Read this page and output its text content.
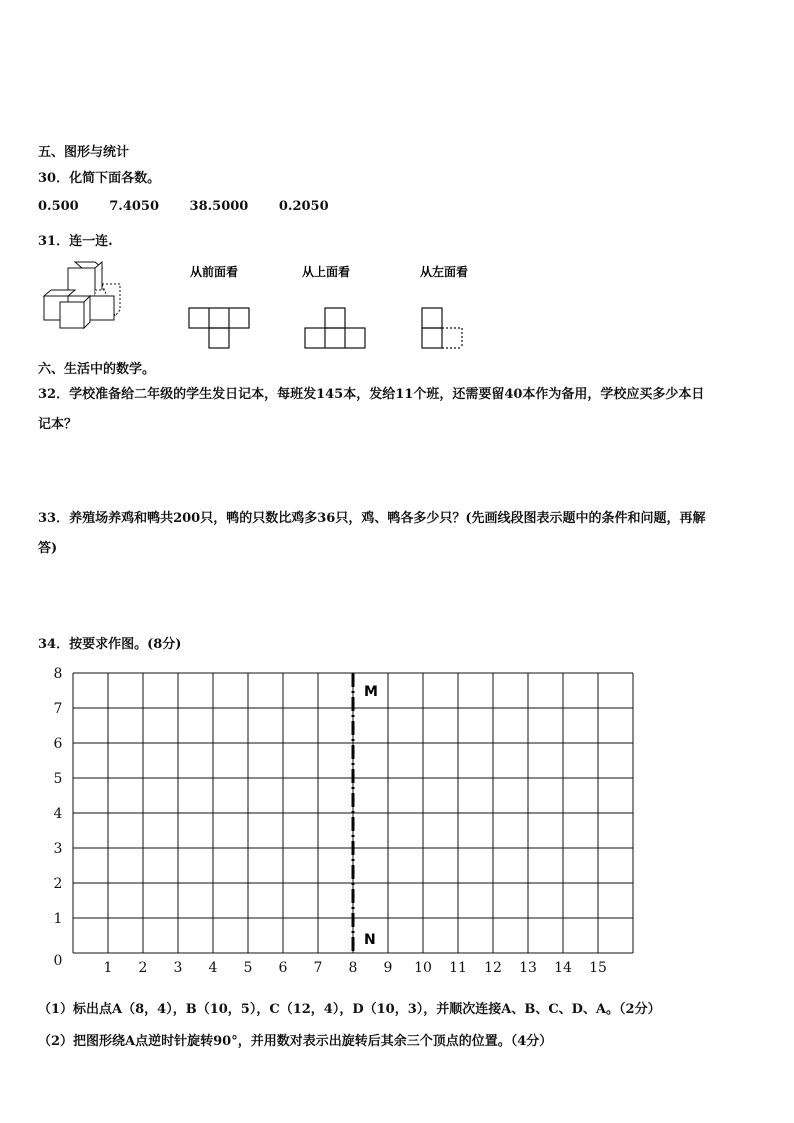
五、图形与统计
30．化简下面各数。
0.500 7.4050 38.5000 0.2050
31．连一连.
从前面看	从上面看	从左面看
六、生活中的数学。
32．学校准备给二年级的学生发日记本，每班发145本，发给11个班，还需要留40本作为备用，学校应买多少本日
记本？
33．养殖场养鸡和鸭共200只，鸭的只数比鸡多36只，鸡、鸭各多少只？(先画线段图表示题中的条件和问题，再解
答)
34．按要求作图。(8分)
1 2 3 4 5 6 7 8 9 10 11 12 13 14 15
0
1
2
3
4
5
6
7
8
M
N
（1）标出点A（8，4），B（10，5），C（12，4），D（10，3），并顺次连接A、B、C、D、A。（2分）
（2）把图形绕A点逆时针旋转90°，并用数对表示出旋转后其余三个顶点的位置。（4分）
